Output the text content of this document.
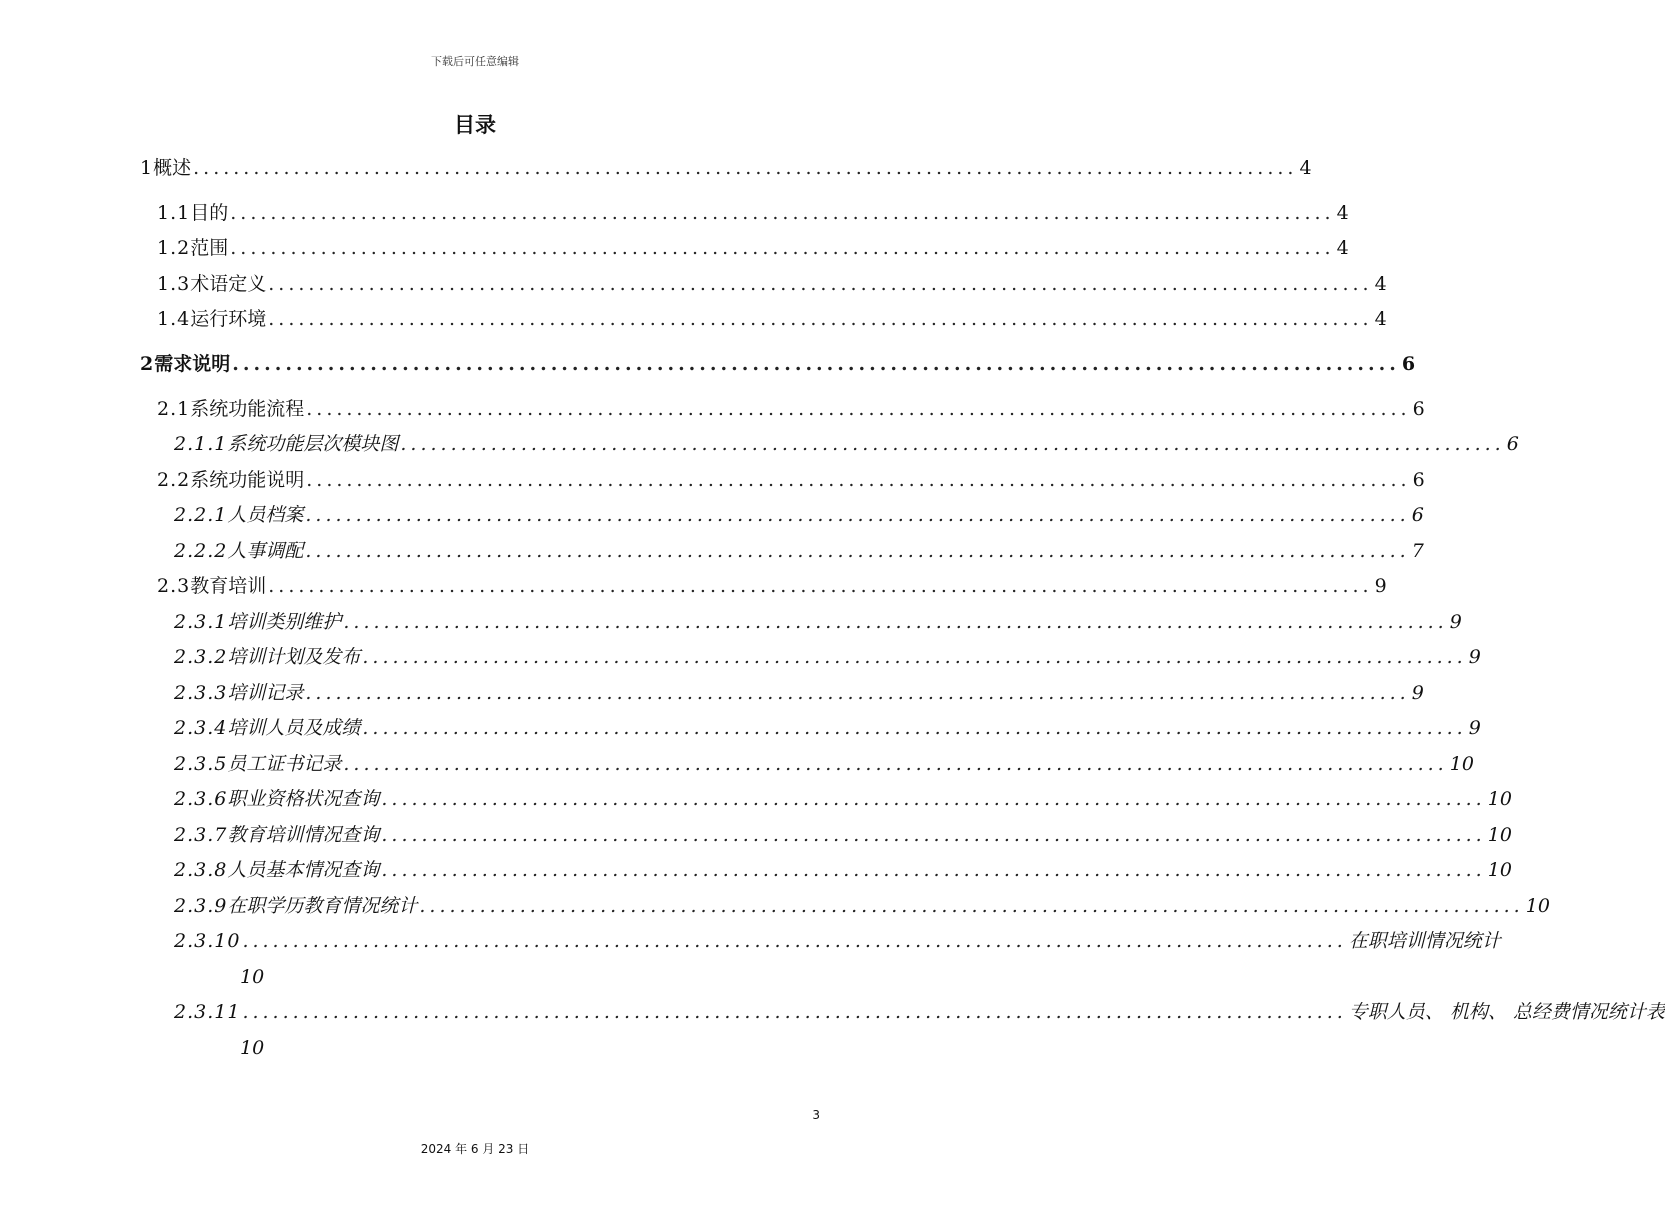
下载后可任意编辑
目录
1 概述 .............................................................................................................. 4
1.1 目的 .............................................................................................................. 4
1.2 范围 .............................................................................................................. 4
1.3 术语定义 .............................................................................................................. 4
1.4 运行环境 .............................................................................................................. 4
2 需求说明 .............................................................................................................. 6
2.1 系统功能流程 .............................................................................................................. 6
2.1.1 系统功能层次模块图 .............................................................................................................. 6
2.2 系统功能说明 .............................................................................................................. 6
2.2.1 人员档案 .............................................................................................................. 6
2.2.2 人事调配 .............................................................................................................. 7
2.3 教育培训 .............................................................................................................. 9
2.3.1 培训类别维护 .............................................................................................................. 9
2.3.2 培训计划及发布 .............................................................................................................. 9
2.3.3 培训记录 .............................................................................................................. 9
2.3.4 培训人员及成绩 .............................................................................................................. 9
2.3.5 员工证书记录 .............................................................................................................. 10
2.3.6 职业资格状况查询 .............................................................................................................. 10
2.3.7 教育培训情况查询 .............................................................................................................. 10
2.3.8 人员基本情况查询 .............................................................................................................. 10
2.3.9 在职学历教育情况统计 .............................................................................................................. 10
2.3.10 .............................................................................................................. 在职培训情况统计
10
2.3.11 .............................................................................................................. 专职人员、 机构、 总经费情况统计表
10
3
2024 年 6 月 23 日
